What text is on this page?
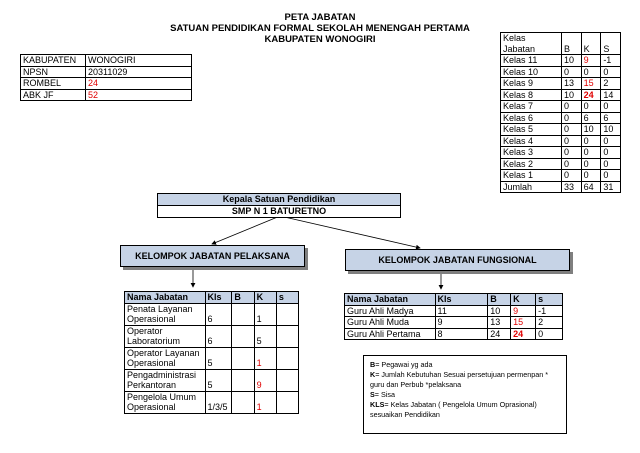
PETA JABATAN
SATUAN PENDIDIKAN FORMAL SEKOLAH MENENGAH PERTAMA
KABUPATEN WONOGIRI
KABUPATEN	WONOGIRI
NPSN	20311029
ROMBEL	24
ABK JF	52
Kelas Jabatan	B	K	S
Kelas 11	10	9	-1
Kelas 10	0	0	0
Kelas 9	13	15	2
Kelas 8	10	24	14
Kelas 7	0	0	0
Kelas 6	0	6	6
Kelas 5	0	10	10
Kelas 4	0	0	0
Kelas 3	0	0	0
Kelas 2	0	0	0
Kelas 1	0	0	0
Jumlah	33	64	31
Kepala Satuan Pendidikan
SMP N 1 BATURETNO
KELOMPOK JABATAN PELAKSANA	KELOMPOK JABATAN FUNGSIONAL
Nama Jabatan	Kls	B	K	s
Penata Layanan Operasional	6		1	
Operator Laboratorium	6		5	
Operator Layanan Operasional	5		1	
Pengadministrasi Perkantoran	5		9	
Pengelola Umum Operasional	1/3/5		1	
Nama Jabatan	Kls	B	K	s
Guru Ahli Madya	11	10	9	-1
Guru Ahli Muda	9	13	15	2
Guru Ahli Pertama	8	24	24	0
B= Pegawai yg ada
K= Jumlah Kebutuhan Sesuai persetujuan permenpan * guru dan Perbub *pelaksana
S= Sisa
KLS= Kelas Jabatan ( Pengelola Umum Oprasional) sesuaikan Pendidikan
